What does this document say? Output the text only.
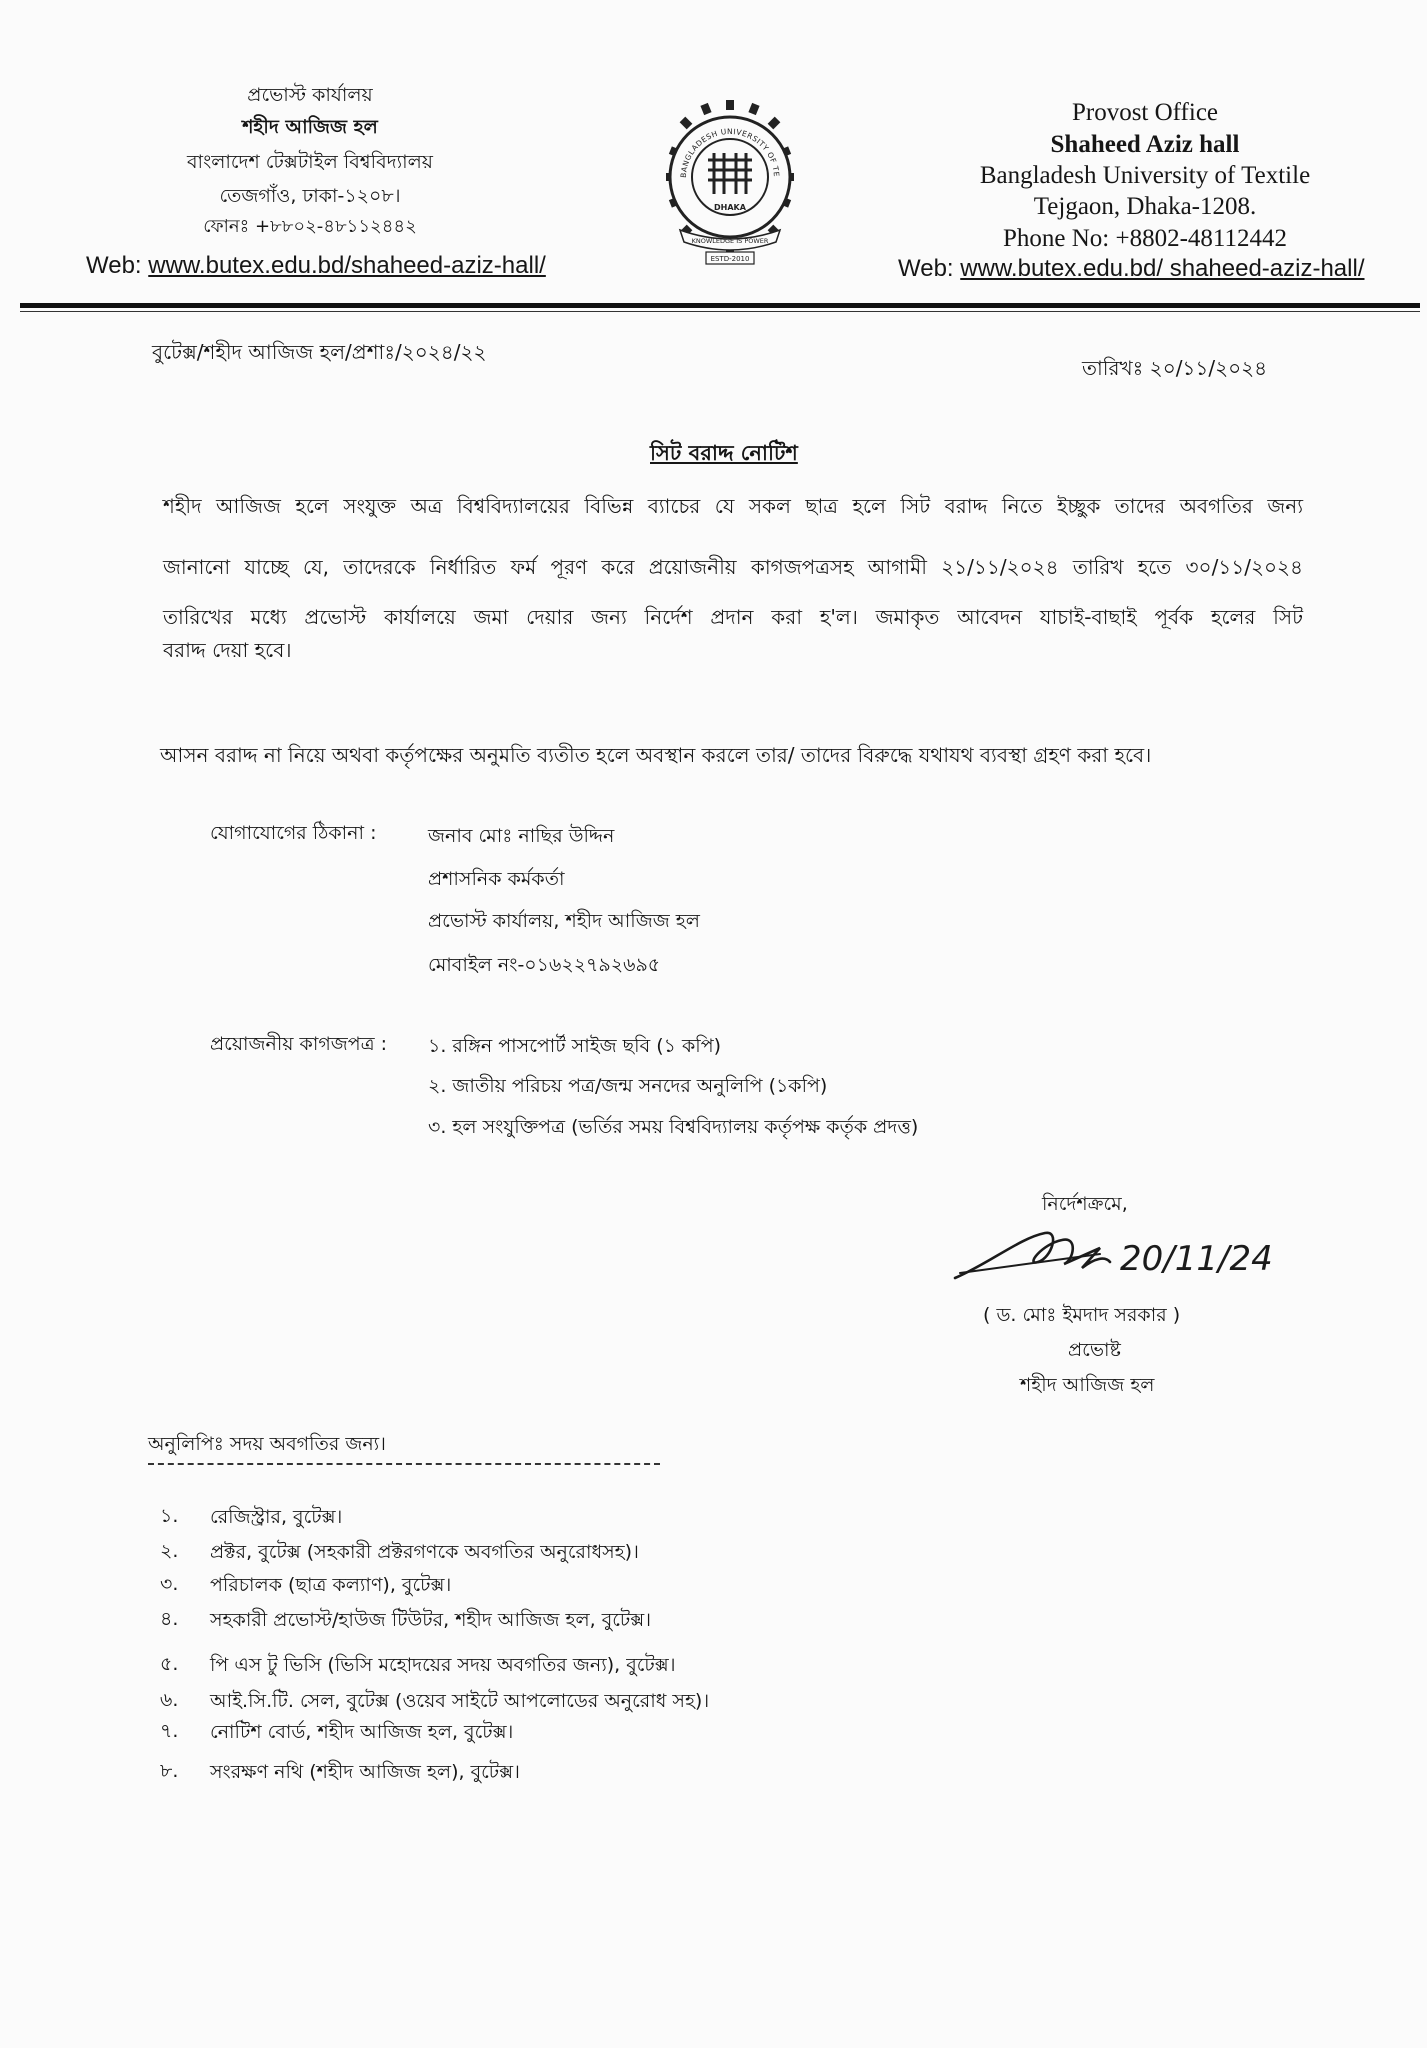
প্রভোস্ট কার্যালয়
শহীদ আজিজ হল
বাংলাদেশ টেক্সটাইল বিশ্ববিদ্যালয়
তেজগাঁও, ঢাকা-১২০৮।
ফোনঃ +৮৮০২-৪৮১১২৪৪২
Web: www.butex.edu.bd/shaheed-aziz-hall/
BANGLADESH UNIVERSITY OF TE
DHAKA
KNOWLEDGE IS POWER
ESTD-2010
Provost Office
Shaheed Aziz hall
Bangladesh University of Textile
Tejgaon, Dhaka-1208.
Phone No: +8802-48112442
Web: www.butex.edu.bd/ shaheed-aziz-hall/
বুটেক্স/শহীদ আজিজ হল/প্রশাঃ/২০২৪/২২
তারিখঃ ২০/১১/২০২৪
সিট বরাদ্দ নোটিশ
শহীদ আজিজ হলে সংযুক্ত অত্র বিশ্ববিদ্যালয়ের বিভিন্ন ব্যাচের যে সকল ছাত্র হলে সিট বরাদ্দ নিতে ইচ্ছুক তাদের অবগতির জন্য
জানানো যাচ্ছে যে, তাদেরকে নির্ধারিত ফর্ম পূরণ করে প্রয়োজনীয় কাগজপত্রসহ আগামী ২১/১১/২০২৪ তারিখ হতে ৩০/১১/২০২৪
তারিখের মধ্যে প্রভোস্ট কার্যালয়ে জমা দেয়ার জন্য নির্দেশ প্রদান করা হ'ল। জমাকৃত আবেদন যাচাই-বাছাই পূর্বক হলের সিট
বরাদ্দ দেয়া হবে।
আসন বরাদ্দ না নিয়ে অথবা কর্তৃপক্ষের অনুমতি ব্যতীত হলে অবস্থান করলে তার/ তাদের বিরুদ্ধে যথাযথ ব্যবস্থা গ্রহণ করা হবে।
যোগাযোগের ঠিকানা :	জনাব মোঃ নাছির উদ্দিন
প্রশাসনিক কর্মকর্তা
প্রভোস্ট কার্যালয়, শহীদ আজিজ হল
মোবাইল নং-০১৬২২৭৯২৬৯৫
প্রয়োজনীয় কাগজপত্র : ১. রঙ্গিন পাসপোর্ট সাইজ ছবি (১ কপি)
২. জাতীয় পরিচয় পত্র/জন্ম সনদের অনুলিপি (১কপি)
৩. হল সংযুক্তিপত্র (ভর্তির সময় বিশ্ববিদ্যালয় কর্তৃপক্ষ কর্তৃক প্রদত্ত)
নির্দেশক্রমে,
20/11/24
( ড. মোঃ ইমদাদ সরকার )
প্রভোষ্ট
শহীদ আজিজ হল
অনুলিপিঃ সদয় অবগতির জন্য।
১. রেজিস্ট্রার, বুটেক্স।
২. প্রক্টর, বুটেক্স (সহকারী প্রক্টরগণকে অবগতির অনুরোধসহ)।
৩. পরিচালক (ছাত্র কল্যাণ), বুটেক্স।
৪. সহকারী প্রভোস্ট/হাউজ টিউটর, শহীদ আজিজ হল, বুটেক্স।
৫. পি এস টু ভিসি (ভিসি মহোদয়ের সদয় অবগতির জন্য), বুটেক্স।
৬. আই.সি.টি. সেল, বুটেক্স (ওয়েব সাইটে আপলোডের অনুরোধ সহ)।
৭. নোটিশ বোর্ড, শহীদ আজিজ হল, বুটেক্স।
৮. সংরক্ষণ নথি (শহীদ আজিজ হল), বুটেক্স।
